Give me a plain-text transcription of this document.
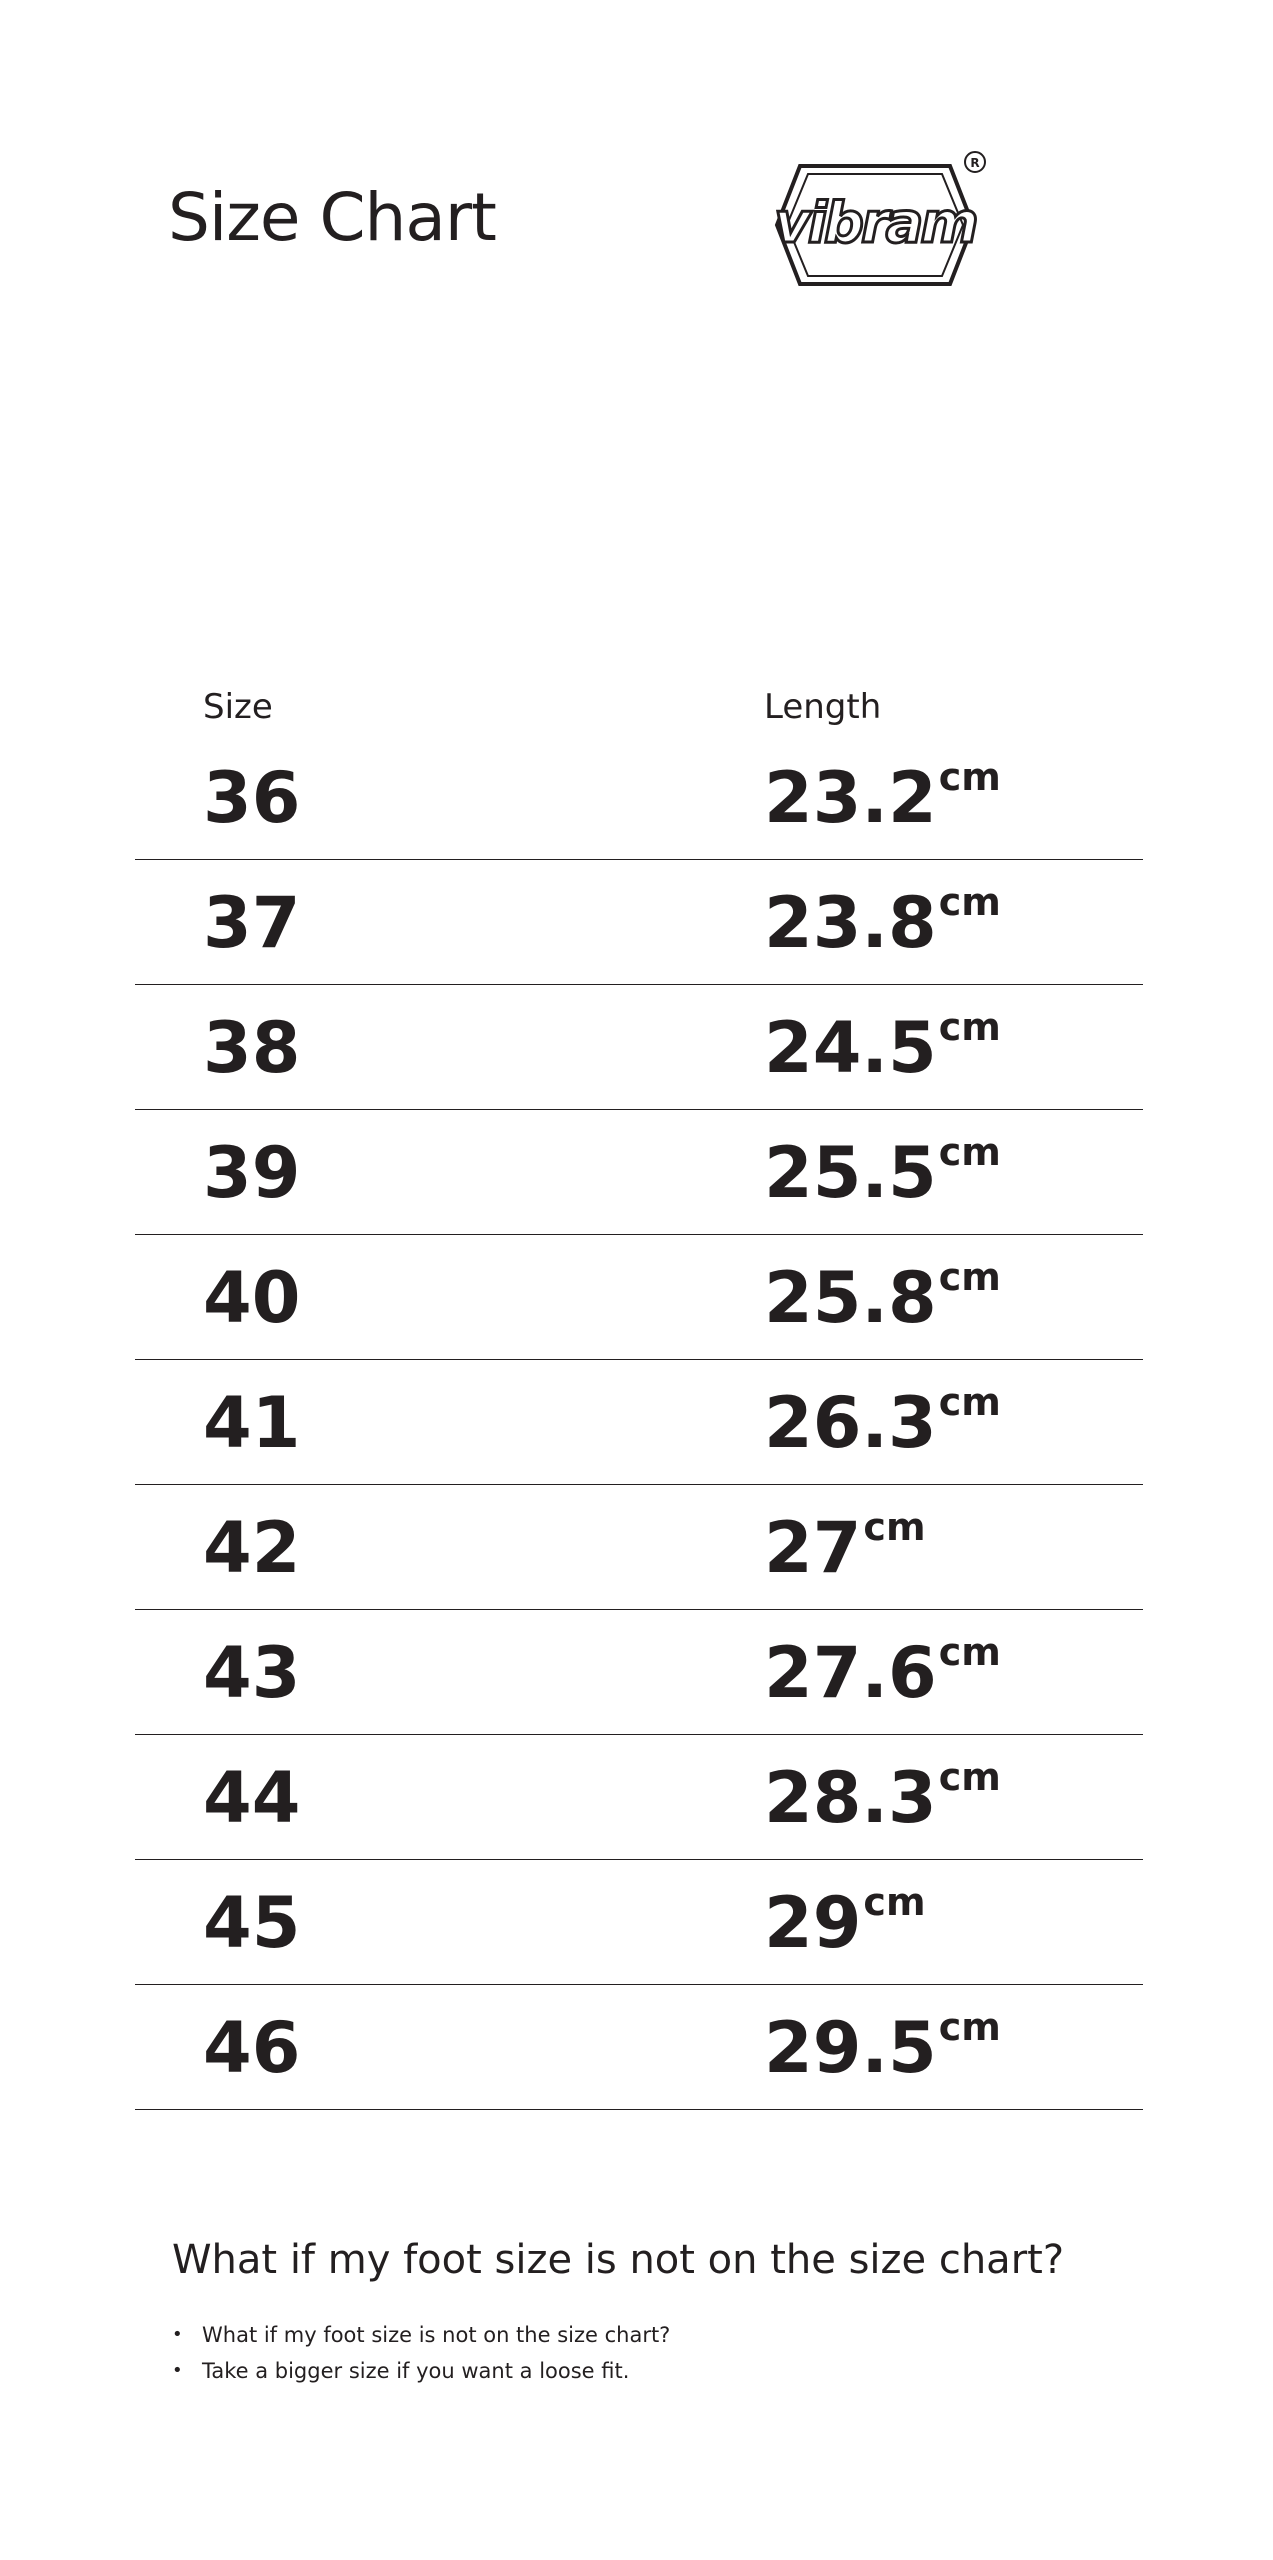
Size Chart	vibram
R
Size	Length
36	$23.2^{cm}$
37	$23.8^{cm}$
38	$24.5^{cm}$
39	$25.5^{cm}$
40	$25.8^{cm}$
41	$26.3^{cm}$
42	$27^{cm}$
43	$27.6^{cm}$
44	$28.3^{cm}$
45	$29^{cm}$
46	$29.5^{cm}$
What if my foot size is not on the size chart?
• What if my foot size is not on the size chart?
• Take a bigger size if you want a loose fit.
